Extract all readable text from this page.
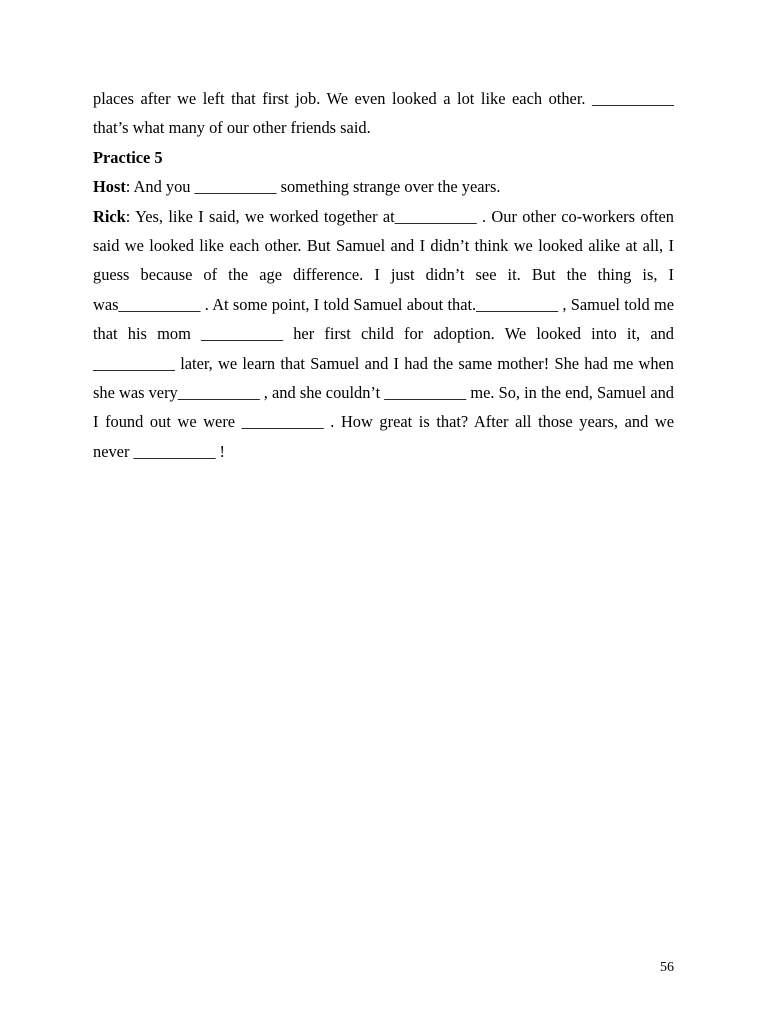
places after we left that first job. We even looked a lot like each other. __________ that’s what many of our other friends said.

Practice 5

Host: And you __________ something strange over the years.

Rick: Yes, like I said, we worked together at__________ . Our other co-workers often said we looked like each other. But Samuel and I didn’t think we looked alike at all, I guess because of the age difference. I just didn’t see it. But the thing is, I was__________ . At some point, I told Samuel about that.__________ , Samuel told me that his mom __________ her first child for adoption. We looked into it, and __________ later, we learn that Samuel and I had the same mother! She had me when she was very__________ , and she couldn’t __________ me. So, in the end, Samuel and I found out we were __________ . How great is that? After all those years, and we never __________ !

56
